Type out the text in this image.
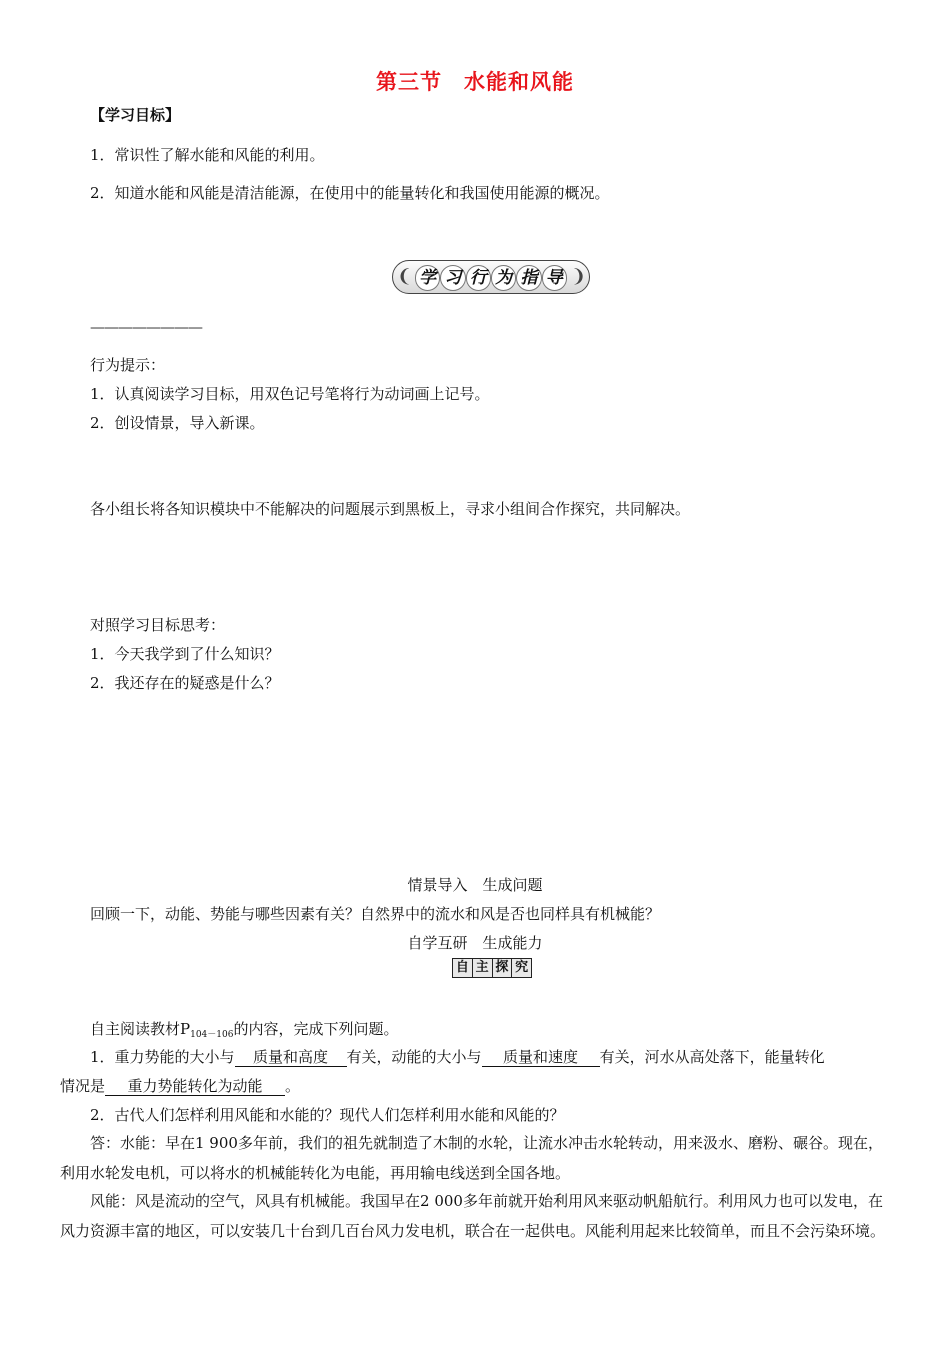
第三节　水能和风能
【学习目标】
1．常识性了解水能和风能的利用。
2．知道水能和风能是清洁能源，在使用中的能量转化和我国使用能源的概况。
❨ 学 习 行 为 指 导 ❩
————————
行为提示：
1．认真阅读学习目标，用双色记号笔将行为动词画上记号。
2．创设情景，导入新课。
各小组长将各知识模块中不能解决的问题展示到黑板上，寻求小组间合作探究，共同解决。
对照学习目标思考：
1．今天我学到了什么知识？
2．我还存在的疑惑是什么？
情景导入　生成问题
回顾一下，动能、势能与哪些因素有关？自然界中的流水和风是否也同样具有机械能？
自学互研　生成能力
自 主 探 究
自主阅读教材$P_{104-106}$的内容，完成下列问题。
1．重力势能的大小与 质量和高度 有关，动能的大小与 质量和速度 有关，河水从高处落下，能量转化
情况是 重力势能转化为动能 。
2．古代人们怎样利用风能和水能的？现代人们怎样利用水能和风能的？
答：水能：早在1 900多年前，我们的祖先就制造了木制的水轮，让流水冲击水轮转动，用来汲水、磨粉、碾谷。现在，利用水轮发电机，可以将水的机械能转化为电能，再用输电线送到全国各地。
风能：风是流动的空气，风具有机械能。我国早在2 000多年前就开始利用风来驱动帆船航行。利用风力也可以发电，在风力资源丰富的地区，可以安装几十台到几百台风力发电机，联合在一起供电。风能利用起来比较简单，而且不会污染环境。
